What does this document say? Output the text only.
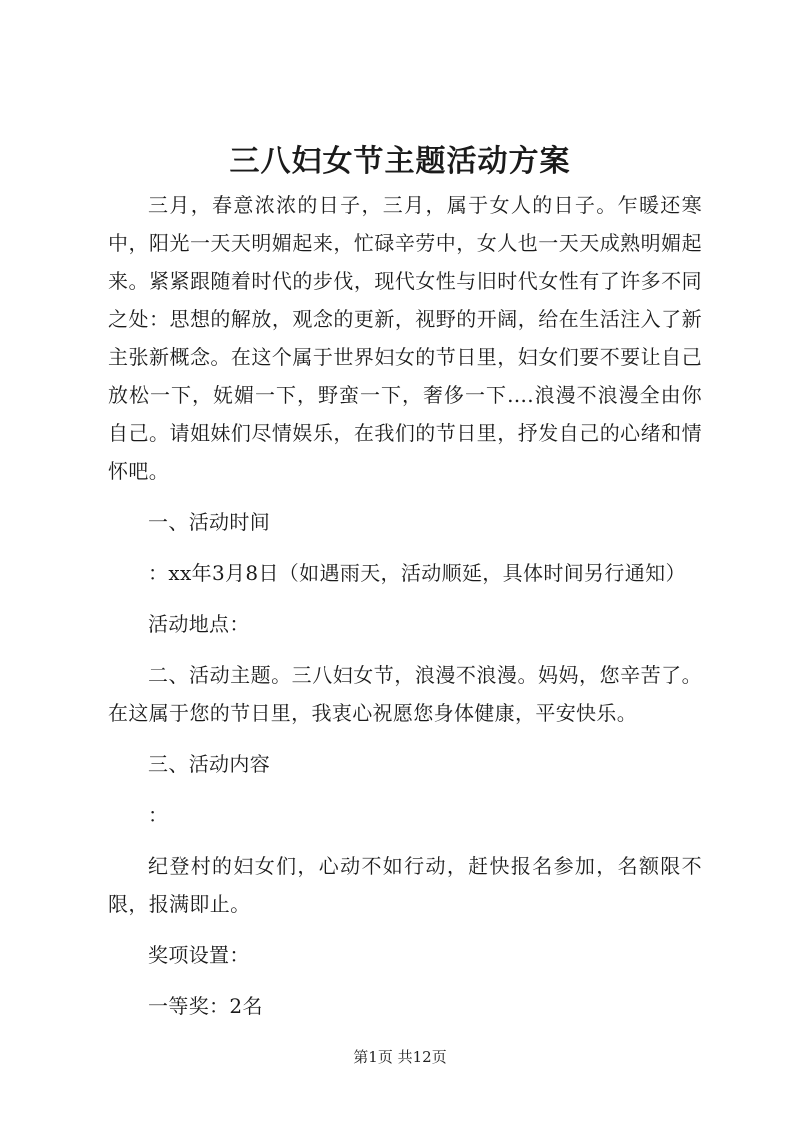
三八妇女节主题活动方案

三月，春意浓浓的日子，三月，属于女人的日子。乍暖还寒中，阳光一天天明媚起来，忙碌辛劳中，女人也一天天成熟明媚起来。紧紧跟随着时代的步伐，现代女性与旧时代女性有了许多不同之处：思想的解放，观念的更新，视野的开阔，给在生活注入了新主张新概念。在这个属于世界妇女的节日里，妇女们要不要让自己放松一下，妩媚一下，野蛮一下，奢侈一下….浪漫不浪漫全由你自己。请姐妹们尽情娱乐，在我们的节日里，抒发自己的心绪和情怀吧。

一、活动时间

：xx年3月8日（如遇雨天，活动顺延，具体时间另行通知）

活动地点：

二、活动主题。三八妇女节，浪漫不浪漫。妈妈，您辛苦了。在这属于您的节日里，我衷心祝愿您身体健康，平安快乐。

三、活动内容

：

纪登村的妇女们，心动不如行动，赶快报名参加，名额限不限，报满即止。

奖项设置：

一等奖：2名

第1页 共12页
